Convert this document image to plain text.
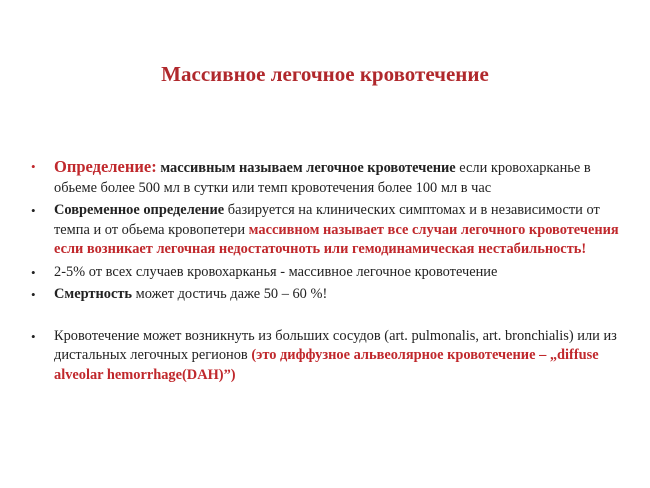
Массивное легочное кровотечение
• Определение: массивным называем легочное кровотечение если кровохарканье в обьеме более 500 мл в сутки или темп кровотечения более 100 мл в час
• Современное определение базируется на клинических симптомах и в независимости от темпа и от обьема кровопетери массивном называет все случаи легочного кровотечения если возникает легочная недостаточноть или гемодинамическая нестабильность!
• 2-5% от всех случаев кровохарканья - массивное легочное кровотечение
• Смертность может достичь даже 50 – 60 %!
• Кровотечение может возникнуть из больших сосудов (art. pulmonalis, art. bronchialis) или из дистальных легочных регионов (это диффузное альвеолярное кровотечение – „diffuse alveolar hemorrhage(DAH)”)
